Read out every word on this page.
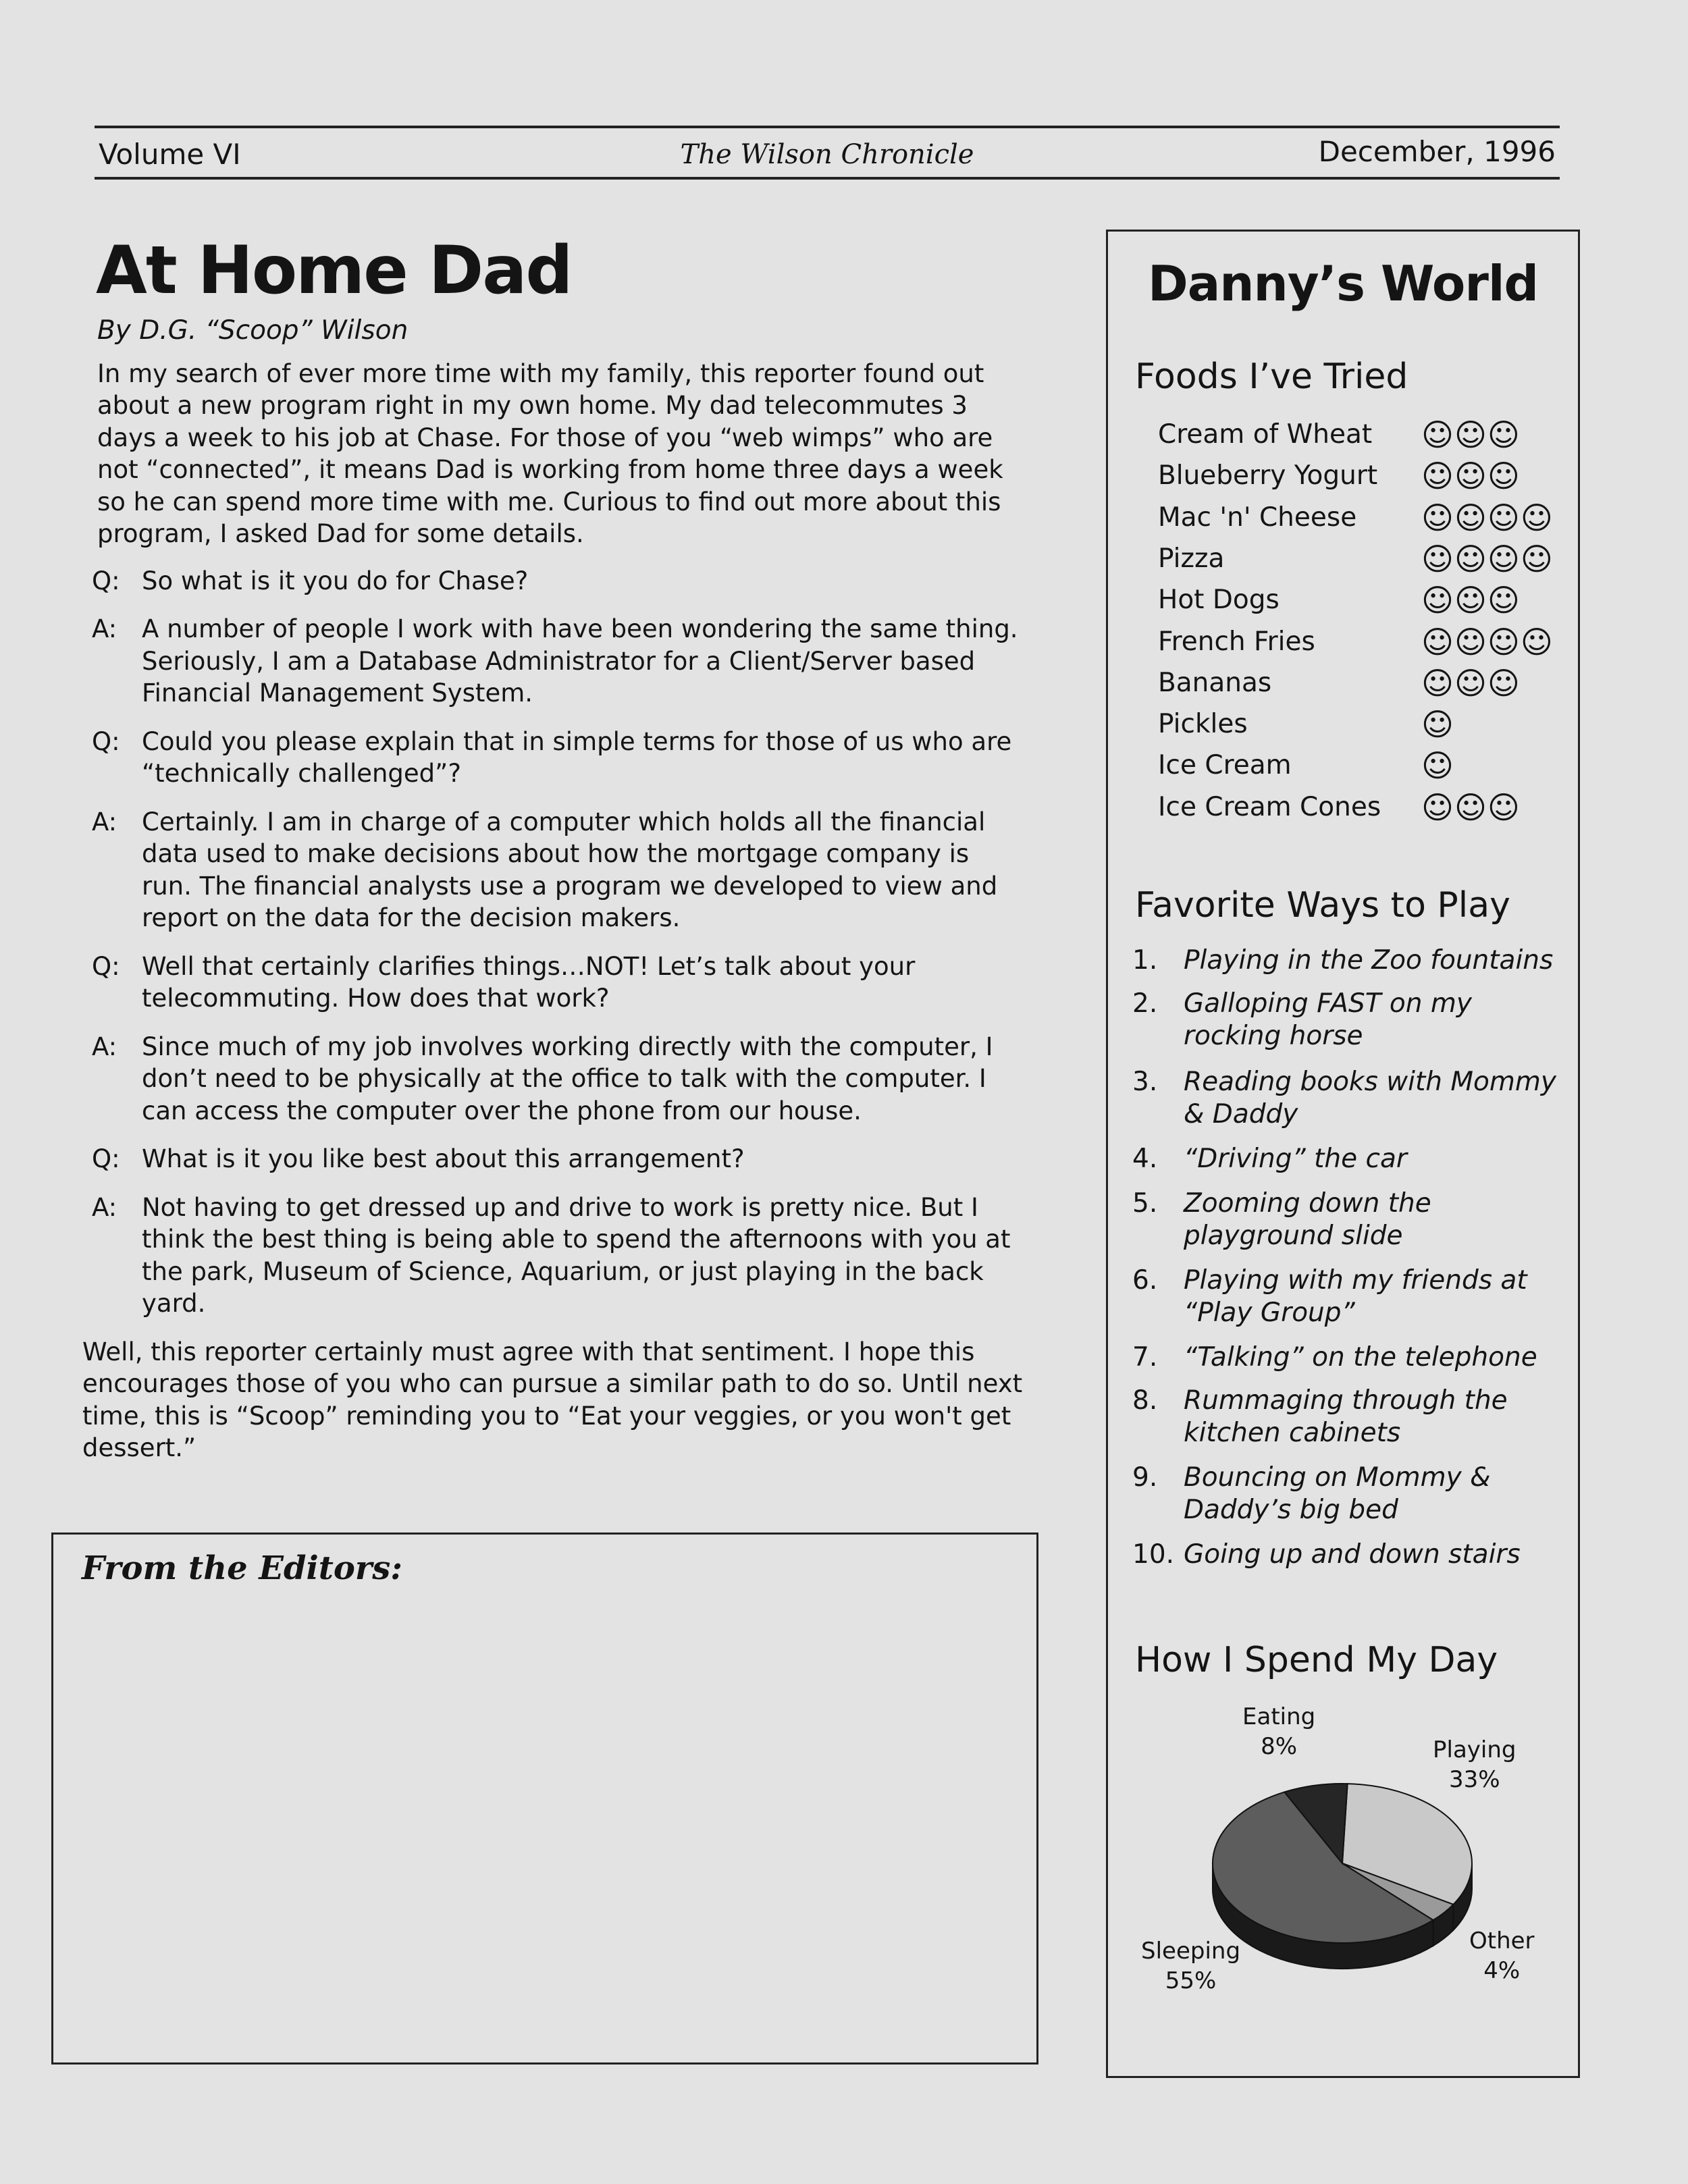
Volume VI	The Wilson Chronicle	December, 1996
At Home Dad
By D.G. “Scoop” Wilson
In my search of ever more time with my family, this reporter found out about a new program right in my own home. My dad telecommutes 3 days a week to his job at Chase. For those of you “web wimps” who are not “connected”, it means Dad is working from home three days a week so he can spend more time with me. Curious to find out more about this program, I asked Dad for some details.
Q: So what is it you do for Chase?
A: A number of people I work with have been wondering the same thing. Seriously, I am a Database Administrator for a Client/Server based Financial Management System.
Q: Could you please explain that in simple terms for those of us who are “technically challenged”?
A: Certainly. I am in charge of a computer which holds all the financial data used to make decisions about how the mortgage company is run. The financial analysts use a program we developed to view and report on the data for the decision makers.
Q: Well that certainly clarifies things…NOT! Let’s talk about your telecommuting. How does that work?
A: Since much of my job involves working directly with the computer, I don’t need to be physically at the office to talk with the computer. I can access the computer over the phone from our house.
Q: What is it you like best about this arrangement?
A: Not having to get dressed up and drive to work is pretty nice. But I think the best thing is being able to spend the afternoons with you at the park, Museum of Science, Aquarium, or just playing in the back yard.
Well, this reporter certainly must agree with that sentiment. I hope this encourages those of you who can pursue a similar path to do so. Until next time, this is “Scoop” reminding you to “Eat your veggies, or you won't get dessert.”
From the Editors:
Danny’s World
Foods I’ve Tried
Cream of Wheat ☺☺☺
Blueberry Yogurt ☺☺☺
Mac 'n' Cheese ☺☺☺☺
Pizza	☺☺☺☺
Hot Dogs	☺☺☺
French Fries	☺☺☺☺
Bananas	☺☺☺
Pickles	☺
Ice Cream	☺
Ice Cream Cones ☺☺☺
Favorite Ways to Play
1. Playing in the Zoo fountains
2. Galloping FAST on my rocking horse
3. Reading books with Mommy & Daddy
4. “Driving” the car
5. Zooming down the playground slide
6. Playing with my friends at “Play Group”
7. “Talking” on the telephone
8. Rummaging through the kitchen cabinets
9. Bouncing on Mommy & Daddy’s big bed
10. Going up and down stairs
How I Spend My Day
Playing
33%
Other
4%
Sleeping
55%
Eating
8%
